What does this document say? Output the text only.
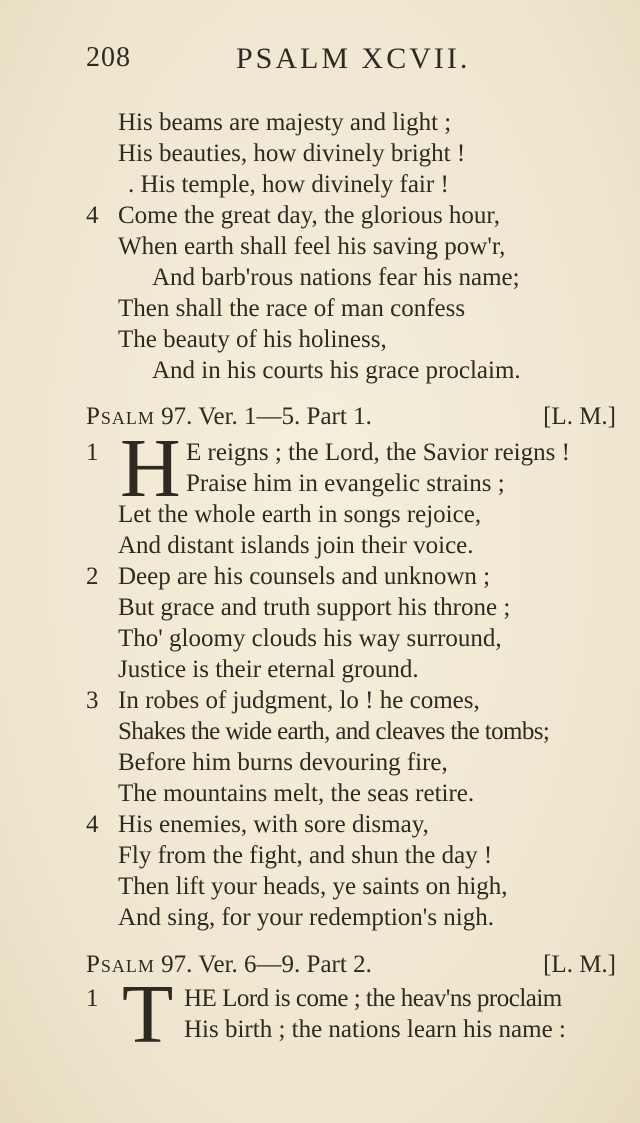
208	PSALM XCVII.
His beams are majesty and light ;
His beauties, how divinely bright !
. His temple, how divinely fair !
4 Come the great day, the glorious hour,
When earth shall feel his saving pow'r,
And barb'rous nations fear his name;
Then shall the race of man confess
The beauty of his holiness,
And in his courts his grace proclaim.
Psalm 97. Ver. 1—5. Part 1.	[L. M.]
1 H E reigns ; the Lord, the Savior reigns !
Praise him in evangelic strains ;
Let the whole earth in songs rejoice,
And distant islands join their voice.
2 Deep are his counsels and unknown ;
But grace and truth support his throne ;
Tho' gloomy clouds his way surround,
Justice is their eternal ground.
3 In robes of judgment, lo ! he comes,
Shakes the wide earth, and cleaves the tombs;
Before him burns devouring fire,
The mountains melt, the seas retire.
4 His enemies, with sore dismay,
Fly from the fight, and shun the day !
Then lift your heads, ye saints on high,
And sing, for your redemption's nigh.
Psalm 97. Ver. 6—9. Part 2.	[L. M.]
1 T HE Lord is come ; the heav'ns proclaim
His birth ; the nations learn his name :
